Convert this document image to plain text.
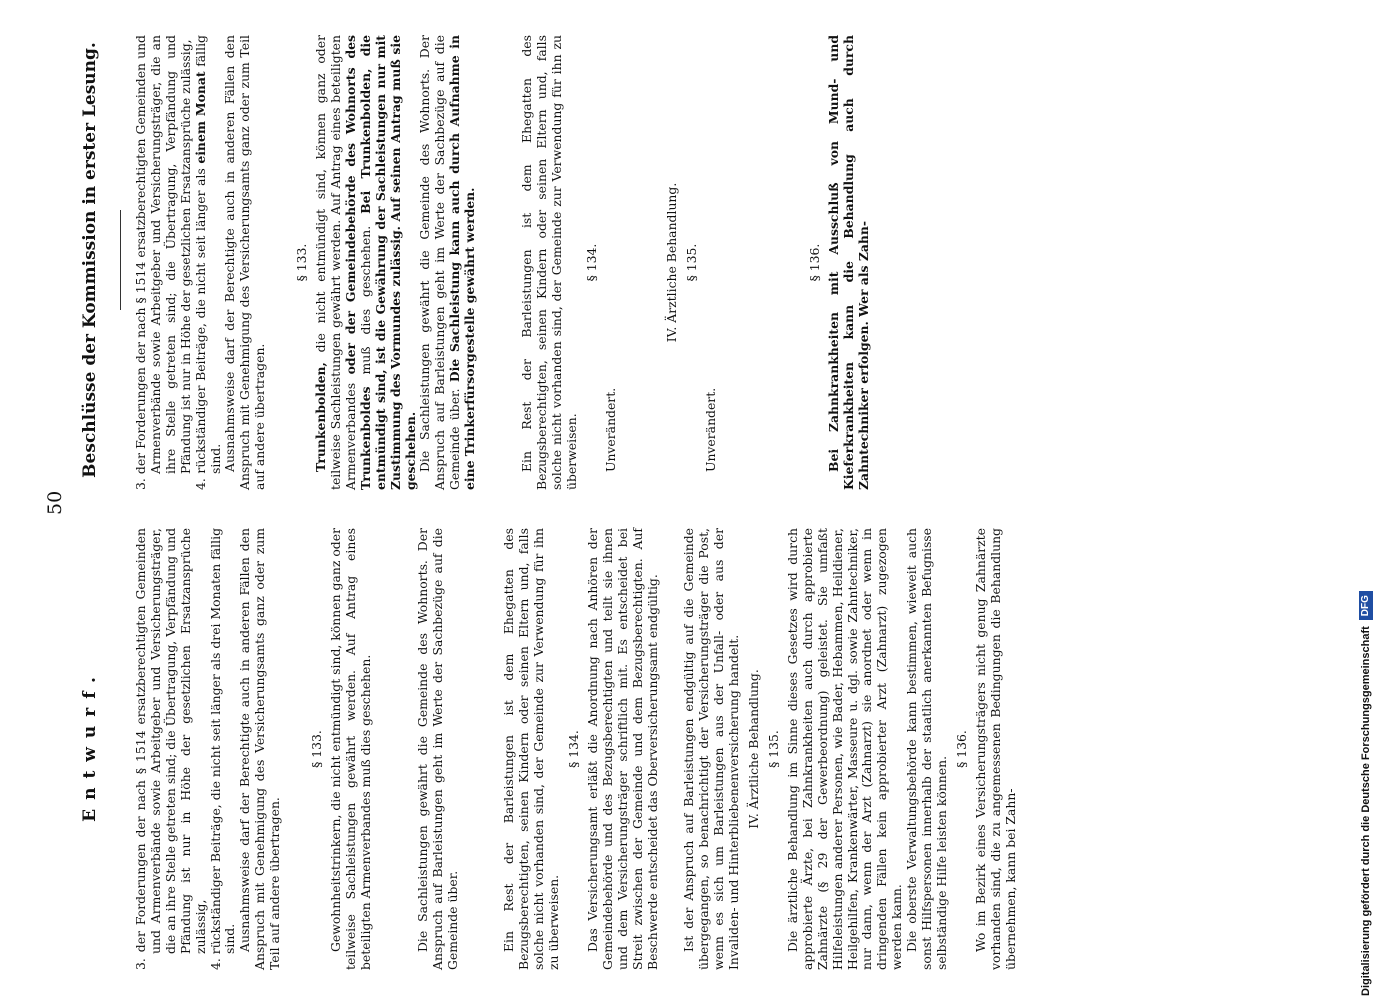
50
Entwurf.
Beschlüsse der Kommission in erster Lesung.

3. der Forderungen der nach § 1514 ersatzberechtigten Gemeinden und Armenverbände sowie Arbeitgeber und Versicherungsträger, die an ihre Stelle getreten sind; die Übertragung, Verpfändung und Pfändung ist nur in Höhe der gesetzlichen Ersatzansprüche zulässig, 4. rückständiger Beiträge, die nicht seit länger als drei Monaten fällig sind. Ausnahmsweise darf der Berechtigte auch in anderen Fällen den Anspruch mit Genehmigung des Versicherungsamts ganz oder zum Teil auf andere übertragen.

§ 133. Gewohnheitstrinkern, die nicht entmündigt sind, können ganz oder teilweise Sachleistungen gewährt werden. Auf Antrag eines beteiligten Armenverbandes muß dies geschehen.	Die Sachleistungen gewährt die Gemeinde des Wohnorts. Der Anspruch auf Barleistungen geht im Werte der Sachbezüge auf die Gemeinde über.	Ein Rest der Barleistungen ist dem Ehegatten des Bezugsberechtigten, seinen Kindern oder seinen Eltern und, falls solche nicht vorhanden sind, der Gemeinde zur Verwendung für ihn zu überweisen.

§ 134. Das Versicherungsamt erläßt die Anordnung nach Anhören der Gemeindebehörde und des Bezugsberechtigten und teilt sie ihnen und dem Versicherungsträger schriftlich mit. Es entscheidet bei Streit zwischen der Gemeinde und dem Bezugsberechtigten. Auf Beschwerde entscheidet das Oberversicherungsamt endgültig. Ist der Anspruch auf Barleistungen endgültig auf die Gemeinde übergegangen, so benachrichtigt der Versicherungsträger die Post, wenn es sich um Barleistungen aus der Unfall- oder aus der Invaliden- und Hinterbliebenenversicherung handelt. IV. Ärztliche Behandlung. § 135. Die ärztliche Behandlung im Sinne dieses Gesetzes wird durch approbierte Ärzte, bei Zahnkrankheiten auch durch approbierte Zahnärzte (§ 29 der Gewerbeordnung) geleistet. Sie umfaßt Hilfeleistungen anderer Personen, wie Bader, Hebammen, Heildiener, Heilgehilfen, Krankenwärter, Masseure u. dgl. sowie Zahntechniker, nur dann, wenn der Arzt (Zahnarzt) sie anordnet oder wenn in dringenden Fällen kein approbierter Arzt (Zahnarzt) zugezogen werden kann. Die oberste Verwaltungsbehörde kann bestimmen, wieweit auch sonst Hilfspersonen innerhalb der staatlich anerkannten Befugnisse selbständige Hilfe leisten können.

§ 136. Wo im Bezirk eines Versicherungsträgers nicht genug Zahnärzte vorhanden sind, die zu angemessenen Bedingungen die Behandlung übernehmen, kann bei Zahn-

3. der Forderungen der nach § 1514 ersatzberechtigten Gemeinden und Armenverbände sowie Arbeitgeber und Versicherungsträger, die an ihre Stelle getreten sind; die Übertragung, Verpfändung und Pfändung ist nur in Höhe der gesetzlichen Ersatzansprüche zulässig, 4. rückständiger Beiträge, die nicht seit länger als einem Monat fällig sind. Ausnahmsweise darf der Berechtigte auch in anderen Fällen den Anspruch mit Genehmigung des Versicherungsamts ganz oder zum Teil auf andere übertragen.

§ 133.

Trunkenbolden, die nicht entmündigt sind, können ganz oder teilweise Sachleistungen gewährt werden. Auf Antrag eines beteiligten Armenverbandes oder der Gemeindebehörde des Wohnorts des Trunkenboldes muß dies geschehen. Bei Trunkenbolden, die entmündigt sind, ist die Gewährung der Sachleistungen nur mit Zustimmung des Vormundes zulässig. Auf seinen Antrag muß sie geschehen. Die Sachleistungen gewährt die Gemeinde des Wohnorts. Der Anspruch auf Barleistungen geht im Werte der Sachbezüge auf die Gemeinde über. Die Sachleistung kann auch durch Aufnahme in eine Trinkerfürsorgestelle gewährt werden.	Ein Rest der Barleistungen ist dem Ehegatten des Bezugsberechtigten, seinen Kindern oder seinen Eltern und, falls solche nicht vorhanden sind, der Gemeinde zur Verwendung für ihn zu überweisen.

§ 134.

Unverändert.

IV. Ärztliche Behandlung. § 135.

Unverändert.

§ 136. Bei Zahnkrankheiten mit Ausschluß von Mund- und Kieferkrankheiten kann die Behandlung auch durch Zahntechniker erfolgen. Wer als Zahn-

Digitalisierung gefördert durch die Deutsche ForschungsgemeinschaftDFG
